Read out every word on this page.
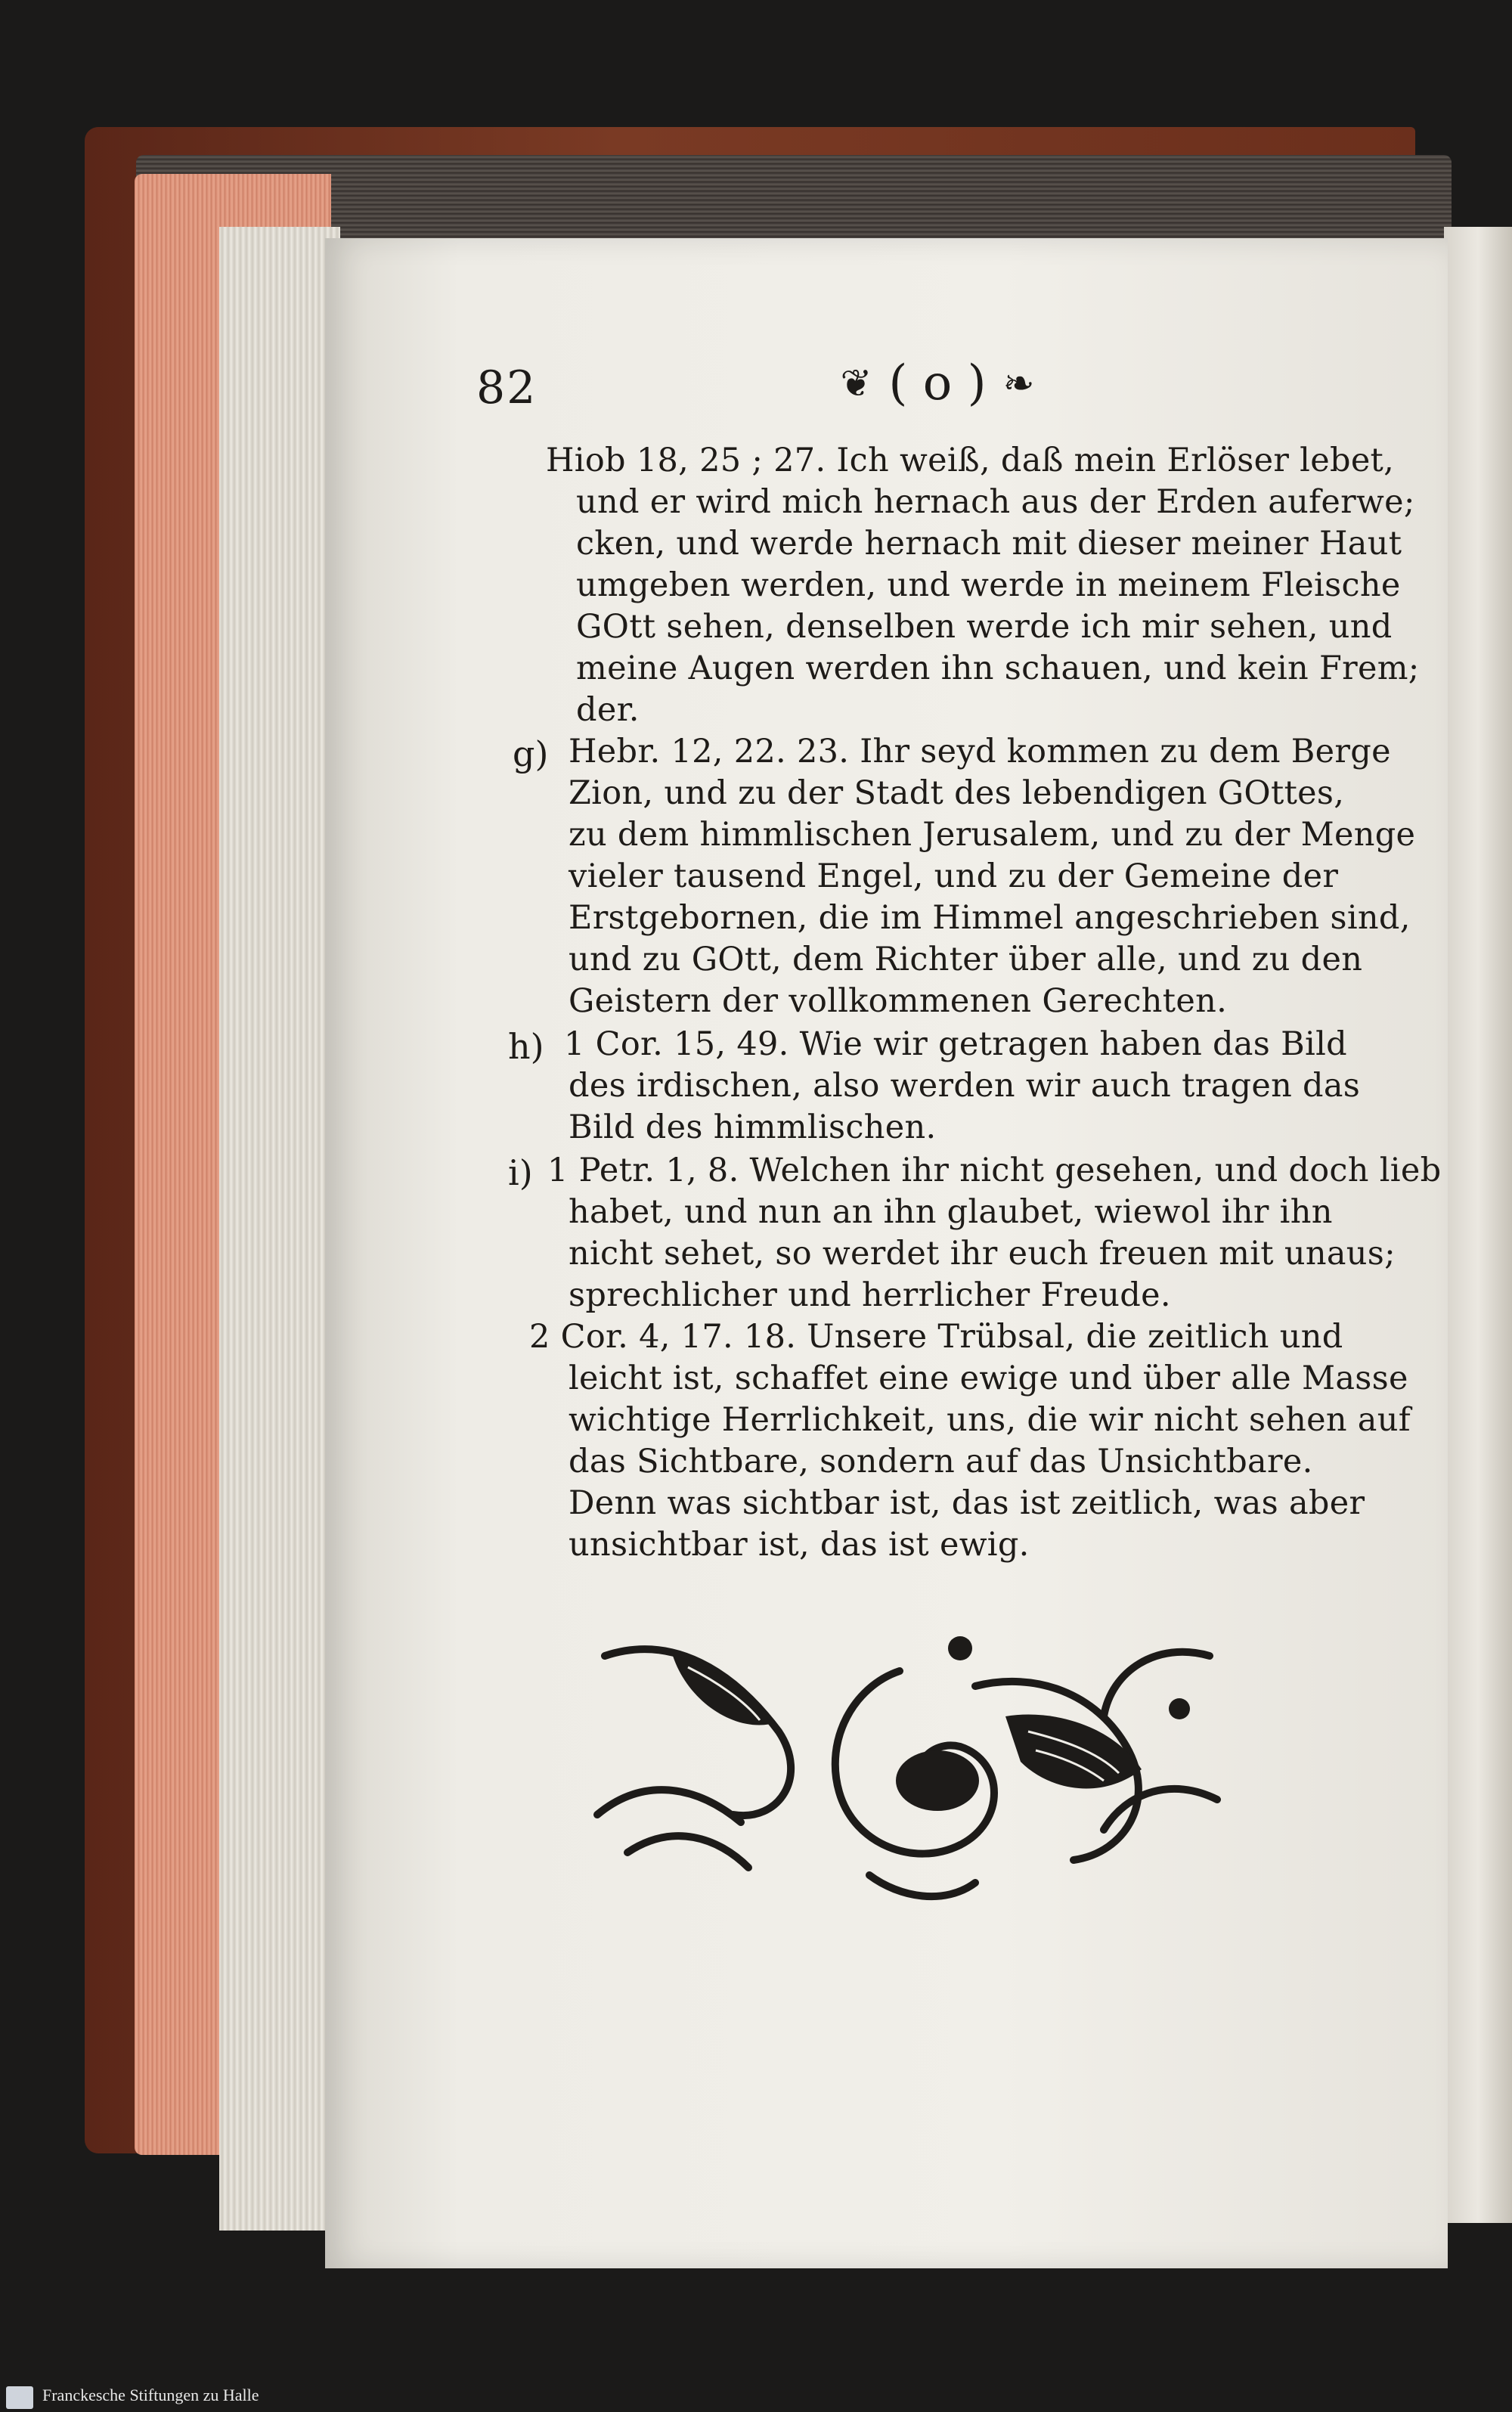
82	❦ ( o ) ❧
Hiob 18, 25 ; 27. Ich weiß, daß mein Erlöser lebet,
und er wird mich hernach aus der Erden auferwe;
cken, und werde hernach mit dieser meiner Haut
umgeben werden, und werde in meinem Fleische
GOtt sehen, denselben werde ich mir sehen, und
meine Augen werden ihn schauen, und kein Frem;
der.
g) Hebr. 12, 22. 23. Ihr seyd kommen zu dem Berge
Zion, und zu der Stadt des lebendigen GOttes,
zu dem himmlischen Jerusalem, und zu der Menge
vieler tausend Engel, und zu der Gemeine der
Erstgebornen, die im Himmel angeschrieben sind,
und zu GOtt, dem Richter über alle, und zu den
Geistern der vollkommenen Gerechten.
h) 1 Cor. 15, 49. Wie wir getragen haben das Bild
des irdischen, also werden wir auch tragen das
Bild des himmlischen.
i) 1 Petr. 1, 8. Welchen ihr nicht gesehen, und doch lieb
habet, und nun an ihn glaubet, wiewol ihr ihn
nicht sehet, so werdet ihr euch freuen mit unaus;
sprechlicher und herrlicher Freude.
2 Cor. 4, 17. 18. Unsere Trübsal, die zeitlich und
leicht ist, schaffet eine ewige und über alle Masse
wichtige Herrlichkeit, uns, die wir nicht sehen auf
das Sichtbare, sondern auf das Unsichtbare.
Denn was sichtbar ist, das ist zeitlich, was aber
unsichtbar ist, das ist ewig.
Franckesche Stiftungen zu Halle
